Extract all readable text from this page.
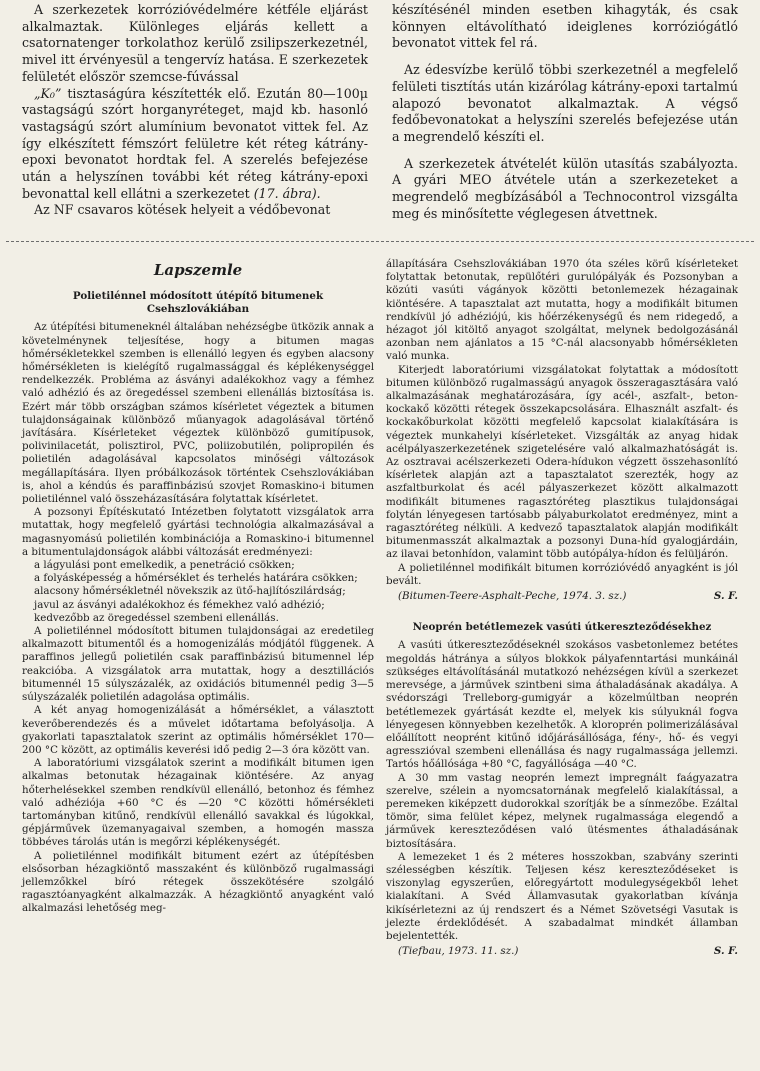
A szerkezetek korrózióvédelmére kétféle eljárást alkalmaztak. Különleges eljárás kellett a csatornatenger torkolathoz kerülő zsilipszerkezetnél, mivel itt érvényesül a tengervíz hatása. E szerkezetek felületét először szemcse-fúvással

„K₀” tisztaságúra készítették elő. Ezután 80—100μ vastagságú szórt horganyréteget, majd kb. hasonló vastagságú szórt alumínium bevonatot vittek fel. Az így elkészített fémszórt felületre két réteg kátrány-epoxi bevonatot hordtak fel. A szerelés befejezése után a helyszínen további két réteg kátrány-epoxi bevonattal kell ellátni a szerkezetet (17. ábra).

Az NF csavaros kötések helyeit a védőbevonat

készítésénél minden esetben kihagyták, és csak könnyen eltávolítható ideiglenes korróziógátló bevonatot vittek fel rá.

Az édesvízbe kerülő többi szerkezetnél a megfelelő felületi tisztítás után kizárólag kátrány-epoxi tartalmú alapozó bevonatot alkalmaztak. A végső fedőbevonatokat a helyszíni szerelés befejezése után a megrendelő készíti el.

A szerkezetek átvételét külön utasítás szabályozta. A gyári MEO átvétele után a szerkezeteket a megrendelő megbízásából a Technocontrol vizsgálta meg és minősítette véglegesen átvettnek.

Lapszemle

Polietilénnel módosított útépítő bitumenek Csehszlovákiában

Az útépítési bitumeneknél általában nehézségbe ütközik annak a követelménynek teljesítése, hogy a bitumen magas hőmérsékletekkel szemben is ellenálló legyen és egyben alacsony hőmérsékleten is kielégítő rugalmassággal és képlékenységgel rendelkezzék. Probléma az ásványi adalékokhoz vagy a fémhez való adhézió és az öregedéssel szembeni ellenállás biztosítása is. Ezért már több országban számos kísérletet végeztek a bitumen tulajdonságainak különböző műanyagok adagolásával történő javítására. Kísérleteket végeztek különböző gumitípusok, polivinilacetát, polisztirol, PVC, poliizobutilén, polipropilén és polietilén adagolásával kapcsolatos minőségi változások megállapítására. Ilyen próbálkozások történtek Csehszlovákiában is, ahol a kéndús és paraffinbázisú szovjet Romaskino-i bitumen polietilénnel való összeházasítására folytattak kísérletet.

A pozsonyi Építéskutató Intézetben folytatott vizsgálatok arra mutattak, hogy megfelelő gyártási technológia alkalmazásával a magasnyomású polietilén kombinációja a Romaskino-i bitumennel a bitumentulajdonságok alábbi változását eredményezi:

a lágyulási pont emelkedik, a penetráció csökken;

a folyásképesség a hőmérséklet és terhelés határára csökken;

alacsony hőmérsékletnél növekszik az ütő-hajlítószilárdság;

javul az ásványi adalékokhoz és fémekhez való adhézió;

kedvezőbb az öregedéssel szembeni ellenállás.

A polietilénnel módosított bitumen tulajdonságai az eredetileg alkalmazott bitumentől és a homogenizálás módjától függenek. A paraffinos jellegű polietilén csak paraffinbázisú bitumennel lép reakcióba. A vizsgálatok arra mutattak, hogy a desztillációs bitumennél 15 súlyszázalék, az oxidációs bitumennél pedig 3—5 súlyszázalék polietilén adagolása optimális.

A két anyag homogenizálását a hőmérséklet, a választott keverőberendezés és a művelet időtartama befolyásolja. A gyakorlati tapasztalatok szerint az optimális hőmérséklet 170—200 °C között, az optimális keverési idő pedig 2—3 óra között van.

A laboratóriumi vizsgálatok szerint a modifikált bitumen igen alkalmas betonutak hézagainak kiöntésére. Az anyag hőterhelésekkel szemben rendkívül ellenálló, betonhoz és fémhez való adhéziója +60 °C és —20 °C közötti hőmérsékleti tartományban kitűnő, rendkívül ellenálló savakkal és lúgokkal, gépjárművek üzemanyagaival szemben, a homogén massza többéves tárolás után is megőrzi képlékenységét.

A polietilénnel modifikált bitument ezért az útépítésben elsősorban hézagkiöntő masszaként és különböző rugalmassági jellemzőkkel bíró rétegek összekötésére szolgáló ragasztóanyagként alkalmazzák. A hézagkiöntő anyagként való alkalmazási lehetőség meg-

állapítására Csehszlovákiában 1970 óta széles körű kísérleteket folytattak betonutak, repülőtéri gurulópályák és Pozsonyban a közúti vasúti vágányok közötti betonlemezek hézagainak kiöntésére. A tapasztalat azt mutatta, hogy a modifikált bitumen rendkívül jó adhéziójú, kis hőérzékenységű és nem ridegedő, a hézagot jól kitöltő anyagot szolgáltat, melynek bedolgozásánál azonban nem ajánlatos a 15 °C-nál alacsonyabb hőmérsékleten való munka.

Kiterjedt laboratóriumi vizsgálatokat folytattak a módosított bitumen különböző rugalmasságú anyagok összeragasztására való alkalmazásának meghatározására, így acél-, aszfalt-, beton-kockakő közötti rétegek összekapcsolására. Elhasznált aszfalt- és kockakőburkolat közötti megfelelő kapcsolat kialakítására is végeztek munkahelyi kísérleteket. Vizsgálták az anyag hidak acélpályaszerkezetének szigetelésére való alkalmazhatóságát is. Az osztravai acélszerkezeti Odera-hídukon végzett összehasonlító kísérletek alapján azt a tapasztalatot szerezték, hogy az aszfaltburkolat és acél pályaszerkezet között alkalmazott modifikált bitumenes ragasztóréteg plasztikus tulajdonságai folytán lényegesen tartósabb pályaburkolatot eredményez, mint a ragasztóréteg nélküli. A kedvező tapasztalatok alapján modifikált bitumenmasszát alkalmaztak a pozsonyi Duna-híd gyalogjárdáin, az ilavai betonhídon, valamint több autópálya-hídon és felüljárón.

A polietilénnel modifikált bitumen korrózióvédő anyagként is jól bevált.

(Bitumen-Teere-Asphalt-Peche, 1974. 3. sz.)	S. F.

Neoprén betétlemezek vasúti útkereszteződésekhez

A vasúti útkereszteződéseknél szokásos vasbetonlemez betétes megoldás hátránya a súlyos blokkok pályafenntartási munkáinál szükséges eltávolításánál mutatkozó nehézségen kívül a szerkezet merevsége, a járművek szintbeni sima áthaladásának akadálya. A svédországi Trelleborg-gumigyár a közelmúltban neoprén betétlemezek gyártását kezdte el, melyek kis súlyuknál fogva lényegesen könnyebben kezelhetők. A kloroprén polimerizálásával előállított neoprént kitűnő időjárásállósága, fény-, hő- és vegyi agresszióval szembeni ellenállása és nagy rugalmassága jellemzi. Tartós hőállósága +80 °C, fagyállósága —40 °C.

A 30 mm vastag neoprén lemezt impregnált faágyazatra szerelve, szélein a nyomcsatornának megfelelő kialakítással, a peremeken kiképzett dudorokkal szorítják be a sínmezőbe. Ezáltal tömör, sima felület képez, melynek rugalmassága elegendő a járművek kereszteződésen való ütésmentes áthaladásának biztosítására.

A lemezeket 1 és 2 méteres hosszokban, szabvány szerinti szélességben készítik. Teljesen kész kereszteződéseket is viszonylag egyszerűen, előregyártott modulegységekből lehet kialakítani. A Svéd Államvasutak gyakorlatban kívánja kikísérletezni az új rendszert és a Német Szövetségi Vasutak is jelezte érdeklődését. A szabadalmat mindkét államban bejelentették.

(Tiefbau, 1973. 11. sz.)	S. F.
